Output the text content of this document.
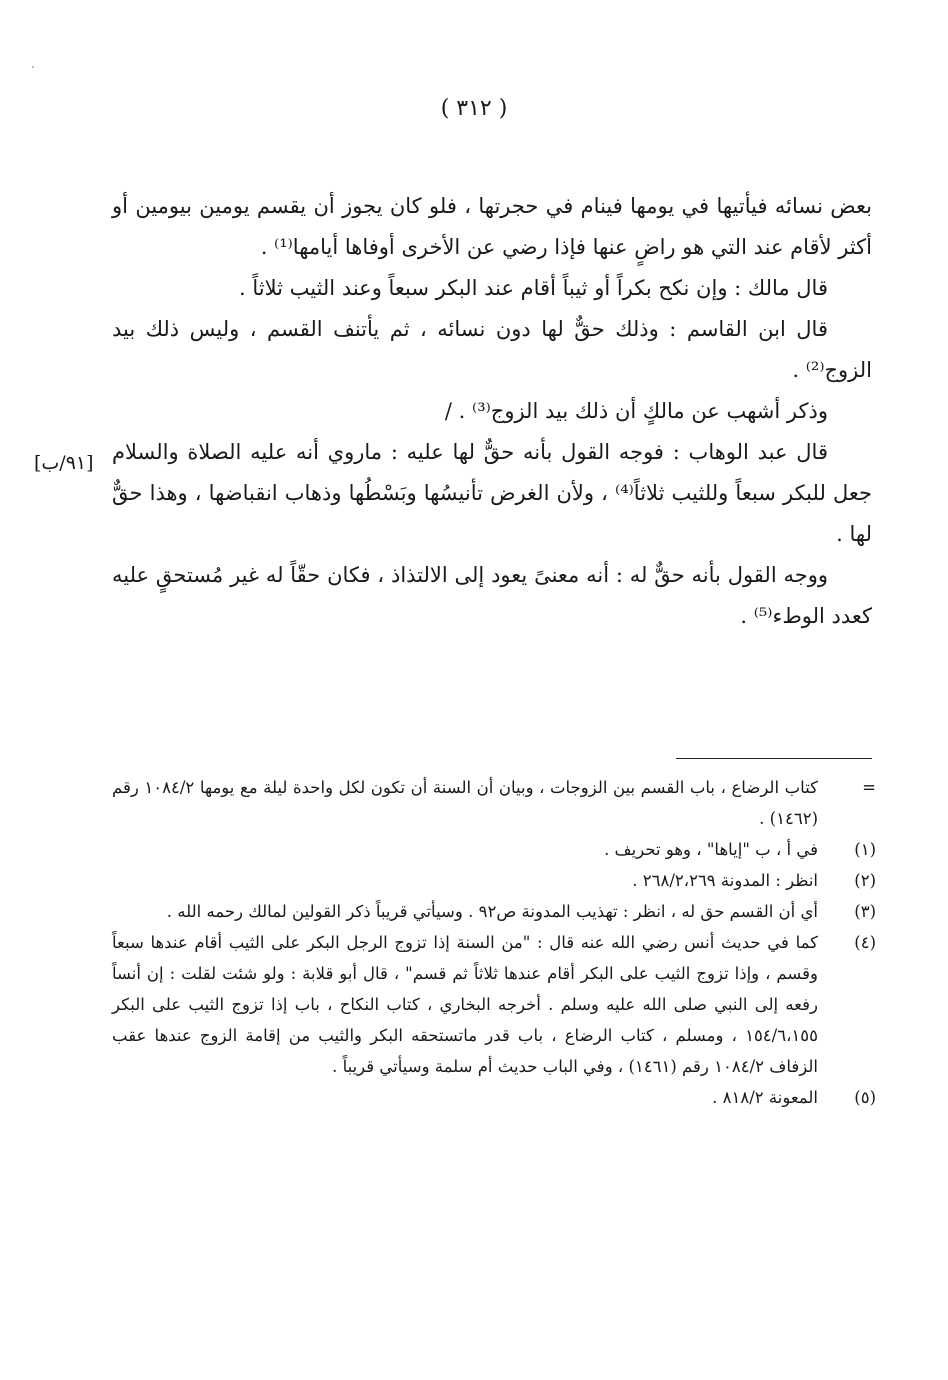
( ٣١٢ )
[٩١/ب]

بعض نسائه فيأتيها في يومها فينام في حجرتها ، فلو كان يجوز أن يقسم يومين بيومين أو أكثر لأقام عند التي هو راضٍ عنها فإذا رضي عن الأخرى أوفاها أيامها⁽¹⁾ .

قال مالك : وإن نكح بكراً أو ثيباً أقام عند البكر سبعاً وعند الثيب ثلاثاً .

قال ابن القاسم : وذلك حقٌّ لها دون نسائه ، ثم يأتنف القسم ، وليس ذلك بيد الزوج⁽²⁾ .

وذكر أشهب عن مالكٍ أن ذلك بيد الزوج⁽³⁾ . /

قال عبد الوهاب : فوجه القول بأنه حقٌّ لها عليه : ماروي أنه عليه الصلاة والسلام جعل للبكر سبعاً وللثيب ثلاثاً⁽⁴⁾ ، ولأن الغرض تأنيسُها وبَسْطُها وذهاب انقباضها ، وهذا حقٌّ لها .

ووجه القول بأنه حقٌّ له : أنه معنىً يعود إلى الالتذاذ ، فكان حقّاً له غير مُستحقٍ عليه كعدد الوطء⁽⁵⁾ .

=
كتاب الرضاع ، باب القسم بين الزوجات ، وبيان أن السنة أن تكون لكل واحدة ليلة مع يومها ١٠٨٤/٢ رقم (١٤٦٢) .
(١)
في أ ، ب "إياها" ، وهو تحريف .
(٢)
انظر : المدونة ٢٦٨/٢،٢٦٩ .
(٣)
أي أن القسم حق له ، انظر : تهذيب المدونة ص٩٢ . وسيأتي قريباً ذكر القولين لمالك رحمه الله .
(٤)
كما في حديث أنس رضي الله عنه قال : "من السنة إذا تزوج الرجل البكر على الثيب أقام عندها سبعاً وقسم ، وإذا تزوج الثيب على البكر أقام عندها ثلاثاً ثم قسم" ، قال أبو قلابة : ولو شئت لقلت : إن أنساً رفعه إلى النبي صلى الله عليه وسلم . أخرجه البخاري ، كتاب النكاح ، باب إذا تزوج الثيب على البكر ١٥٤/٦،١٥٥ ، ومسلم ، كتاب الرضاع ، باب قدر ماتستحقه البكر والثيب من إقامة الزوج عندها عقب الزفاف ١٠٨٤/٢ رقم (١٤٦١) ، وفي الباب حديث أم سلمة وسيأتي قريباً .
(٥)
المعونة ٨١٨/٢ .
